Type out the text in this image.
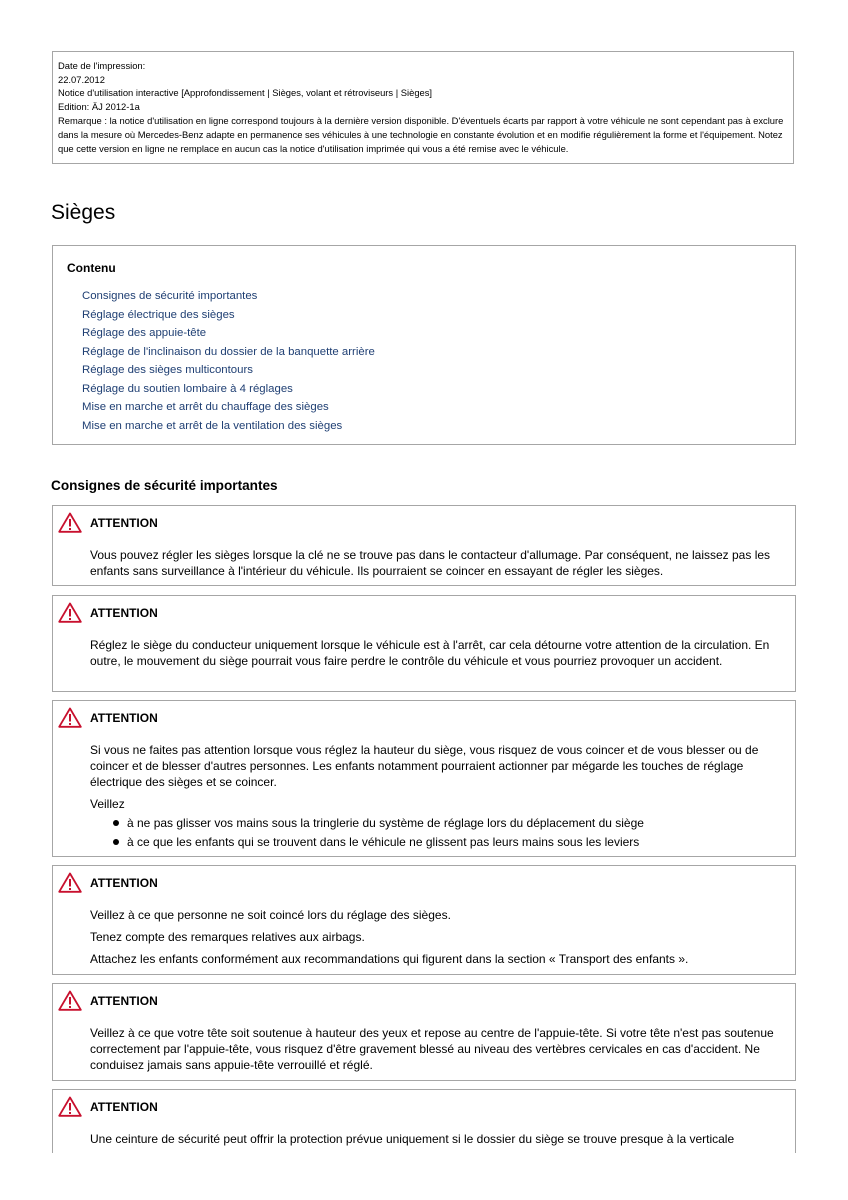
Date de l'impression:
22.07.2012
Notice d'utilisation interactive [Approfondissement | Sièges, volant et rétroviseurs | Sièges]
Edition: ÄJ 2012-1a
Remarque : la notice d'utilisation en ligne correspond toujours à la dernière version disponible. D'éventuels écarts par rapport à votre véhicule ne sont cependant pas à exclure dans la mesure où Mercedes-Benz adapte en permanence ses véhicules à une technologie en constante évolution et en modifie régulièrement la forme et l'équipement. Notez que cette version en ligne ne remplace en aucun cas la notice d'utilisation imprimée qui vous a été remise avec le véhicule.
Sièges
Contenu
Consignes de sécurité importantes
Réglage électrique des sièges
Réglage des appuie-tête
Réglage de l'inclinaison du dossier de la banquette arrière
Réglage des sièges multicontours
Réglage du soutien lombaire à 4 réglages
Mise en marche et arrêt du chauffage des sièges
Mise en marche et arrêt de la ventilation des sièges
Consignes de sécurité importantes
ATTENTION

Vous pouvez régler les sièges lorsque la clé ne se trouve pas dans le contacteur d'allumage. Par conséquent, ne laissez pas les enfants sans surveillance à l'intérieur du véhicule. Ils pourraient se coincer en essayant de régler les sièges.

ATTENTION

Réglez le siège du conducteur uniquement lorsque le véhicule est à l'arrêt, car cela détourne votre attention de la circulation. En outre, le mouvement du siège pourrait vous faire perdre le contrôle du véhicule et vous pourriez provoquer un accident.

ATTENTION

Si vous ne faites pas attention lorsque vous réglez la hauteur du siège, vous risquez de vous coincer et de vous blesser ou de coincer et de blesser d'autres personnes. Les enfants notamment pourraient actionner par mégarde les touches de réglage électrique des sièges et se coincer.

Veillez

à ne pas glisser vos mains sous la tringlerie du système de réglage lors du déplacement du siège
à ce que les enfants qui se trouvent dans le véhicule ne glissent pas leurs mains sous les leviers
ATTENTION

Veillez à ce que personne ne soit coincé lors du réglage des sièges.

Tenez compte des remarques relatives aux airbags.

Attachez les enfants conformément aux recommandations qui figurent dans la section « Transport des enfants ».

ATTENTION

Veillez à ce que votre tête soit soutenue à hauteur des yeux et repose au centre de l'appuie-tête. Si votre tête n'est pas soutenue correctement par l'appuie-tête, vous risquez d'être gravement blessé au niveau des vertèbres cervicales en cas d'accident. Ne conduisez jamais sans appuie-tête verrouillé et réglé.

ATTENTION

Une ceinture de sécurité peut offrir la protection prévue uniquement si le dossier du siège se trouve presque à la verticale
